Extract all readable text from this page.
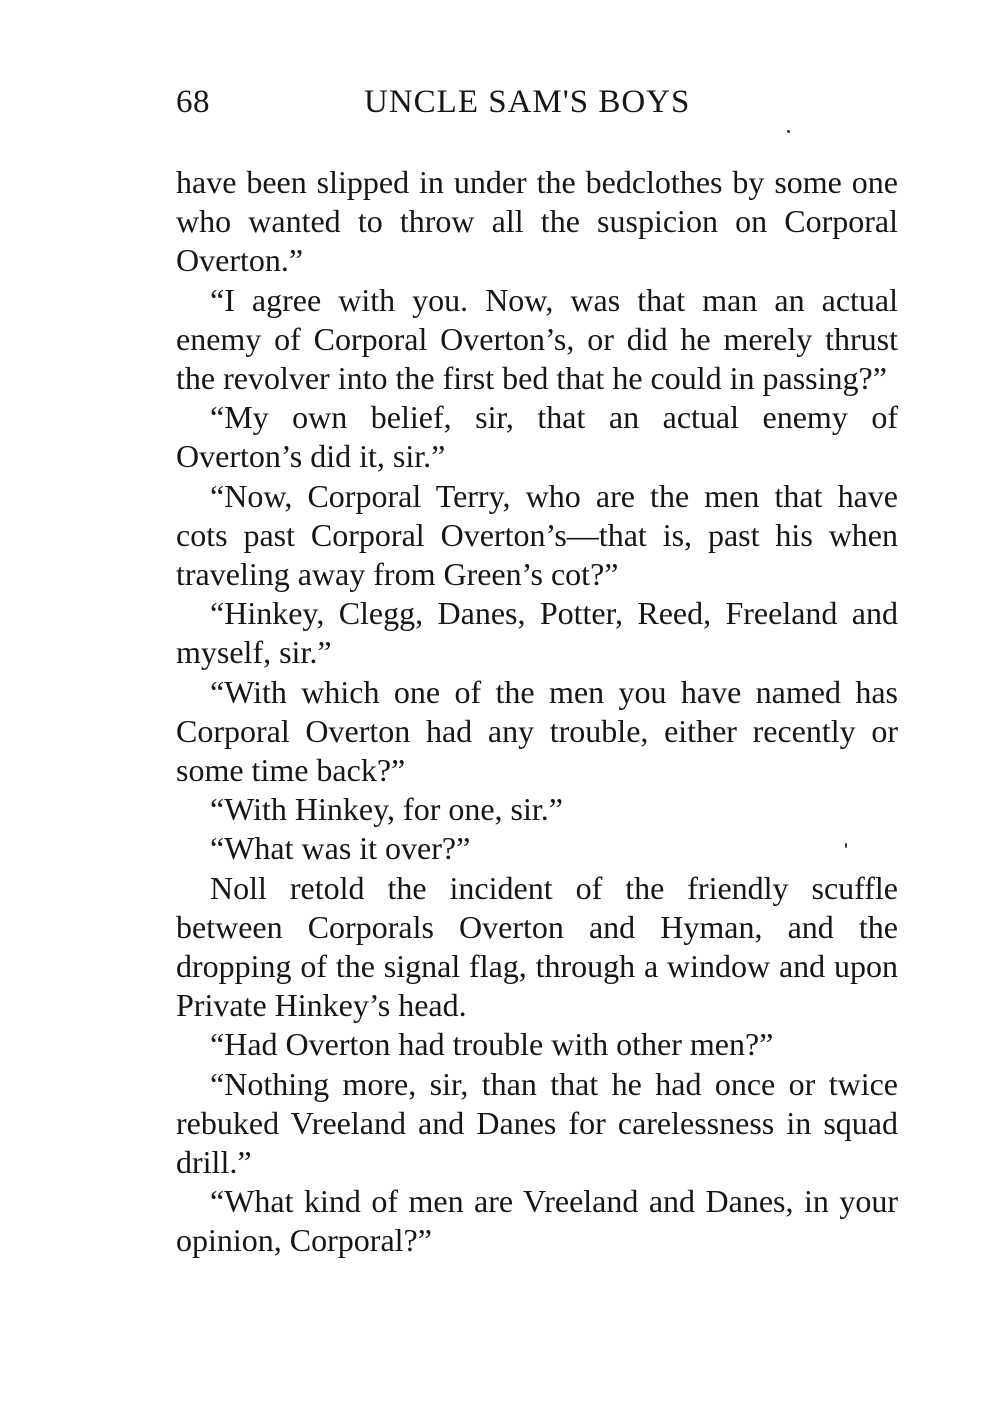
68	UNCLE SAM'S BOYS

have been slipped in under the bedclothes by some one who wanted to throw all the suspicion on Corporal Overton.”

“I agree with you. Now, was that man an actual enemy of Corporal Overton’s, or did he merely thrust the revolver into the first bed that he could in passing?”

“My own belief, sir, that an actual enemy of Overton’s did it, sir.”

“Now, Corporal Terry, who are the men that have cots past Corporal Overton’s—that is, past his when traveling away from Green’s cot?”

“Hinkey, Clegg, Danes, Potter, Reed, Freeland and myself, sir.”

“With which one of the men you have named has Corporal Overton had any trouble, either recently or some time back?”

“With Hinkey, for one, sir.”

“What was it over?”

Noll retold the incident of the friendly scuffle between Corporals Overton and Hyman, and the dropping of the signal flag, through a window and upon Private Hinkey’s head.

“Had Overton had trouble with other men?”

“Nothing more, sir, than that he had once or twice rebuked Vreeland and Danes for carelessness in squad drill.”

“What kind of men are Vreeland and Danes, in your opinion, Corporal?”
